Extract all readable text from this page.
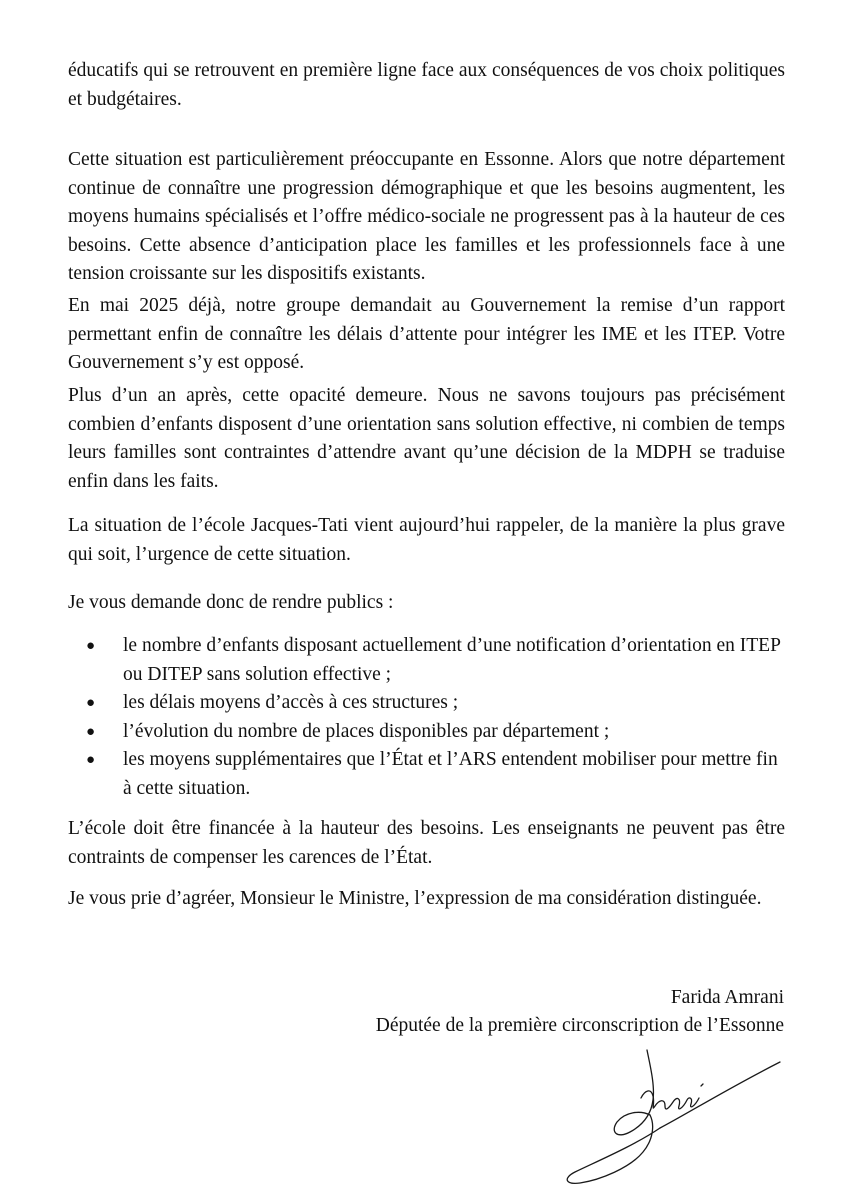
éducatifs qui se retrouvent en première ligne face aux conséquences de vos choix politiques et budgétaires.

Cette situation est particulièrement préoccupante en Essonne. Alors que notre département continue de connaître une progression démographique et que les besoins augmentent, les moyens humains spécialisés et l’offre médico-sociale ne progressent pas à la hauteur de ces besoins. Cette absence d’anticipation place les familles et les professionnels face à une tension croissante sur les dispositifs existants.

En mai 2025 déjà, notre groupe demandait au Gouvernement la remise d’un rapport permettant enfin de connaître les délais d’attente pour intégrer les IME et les ITEP. Votre Gouvernement s’y est opposé.

Plus d’un an après, cette opacité demeure. Nous ne savons toujours pas précisément combien d’enfants disposent d’une orientation sans solution effective, ni combien de temps leurs familles sont contraintes d’attendre avant qu’une décision de la MDPH se traduise enfin dans les faits.

La situation de l’école Jacques-Tati vient aujourd’hui rappeler, de la manière la plus grave qui soit, l’urgence de cette situation.

Je vous demande donc de rendre publics :

● le nombre d’enfants disposant actuellement d’une notification d’orientation en ITEP ou DITEP sans solution effective ;
● les délais moyens d’accès à ces structures ;
● l’évolution du nombre de places disponibles par département ;
● les moyens supplémentaires que l’État et l’ARS entendent mobiliser pour mettre fin à cette situation.

L’école doit être financée à la hauteur des besoins. Les enseignants ne peuvent pas être contraints de compenser les carences de l’État.

Je vous prie d’agréer, Monsieur le Ministre, l’expression de ma considération distinguée.

Farida Amrani
Députée de la première circonscription de l’Essonne
